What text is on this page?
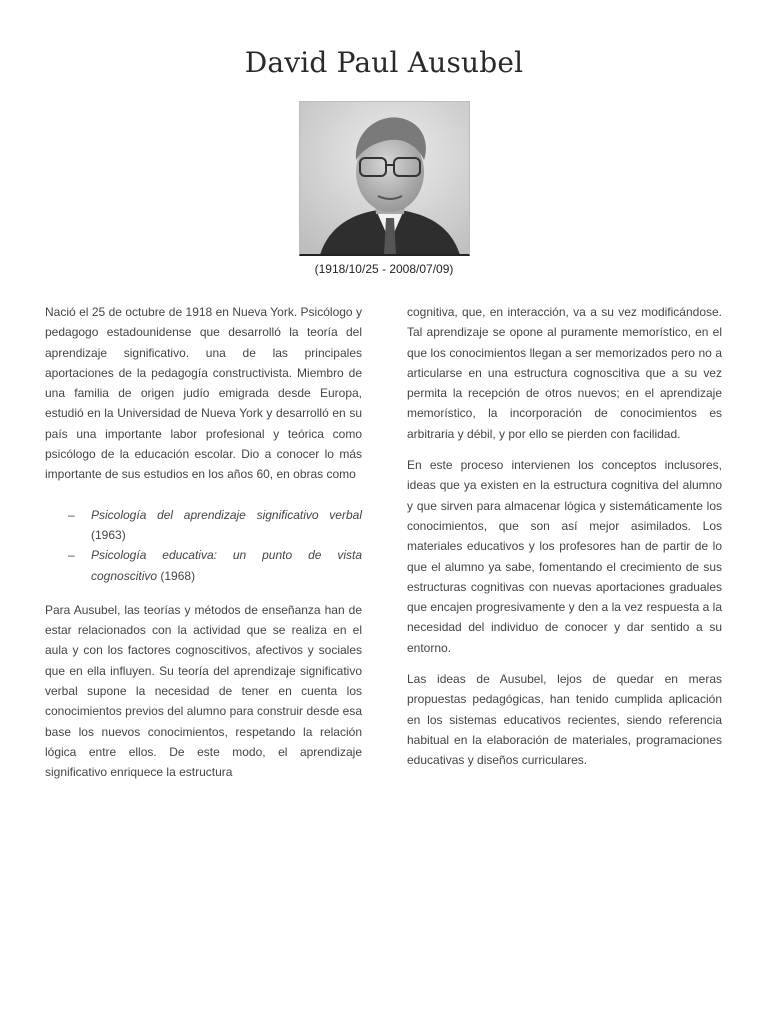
David Paul Ausubel
(1918/10/25 - 2008/07/09)

Nació el 25 de octubre de 1918 en Nueva York. Psicólogo y pedagogo estadounidense que desarrolló la teoría del aprendizaje significativo. una de las principales aportaciones de la pedagogía constructivista. Miembro de una familia de origen judío emigrada desde Europa, estudió en la Universidad de Nueva York y desarrolló en su país una importante labor profesional y teórica como psicólogo de la educación escolar. Dio a conocer lo más importante de sus estudios en los años 60, en obras como

– Psicología del aprendizaje significativo verbal (1963)
– Psicología educativa: un punto de vista cognoscitivo (1968)

Para Ausubel, las teorías y métodos de enseñanza han de estar relacionados con la actividad que se realiza en el aula y con los factores cognoscitivos, afectivos y sociales que en ella influyen. Su teoría del aprendizaje significativo verbal supone la necesidad de tener en cuenta los conocimientos previos del alumno para construir desde esa base los nuevos conocimientos, respetando la relación lógica entre ellos. De este modo, el aprendizaje significativo enriquece la estructura

cognitiva, que, en interacción, va a su vez modificándose. Tal aprendizaje se opone al puramente memorístico, en el que los conocimientos llegan a ser memorizados pero no a articularse en una estructura cognoscitiva que a su vez permita la recepción de otros nuevos; en el aprendizaje memorístico, la incorporación de conocimientos es arbitraria y débil, y por ello se pierden con facilidad.

En este proceso intervienen los conceptos inclusores, ideas que ya existen en la estructura cognitiva del alumno y que sirven para almacenar lógica y sistemáticamente los conocimientos, que son así mejor asimilados. Los materiales educativos y los profesores han de partir de lo que el alumno ya sabe, fomentando el crecimiento de sus estructuras cognitivas con nuevas aportaciones graduales que encajen progresivamente y den a la vez respuesta a la necesidad del individuo de conocer y dar sentido a su entorno.

Las ideas de Ausubel, lejos de quedar en meras propuestas pedagógicas, han tenido cumplida aplicación en los sistemas educativos recientes, siendo referencia habitual en la elaboración de materiales, programaciones educativas y diseños curriculares.
